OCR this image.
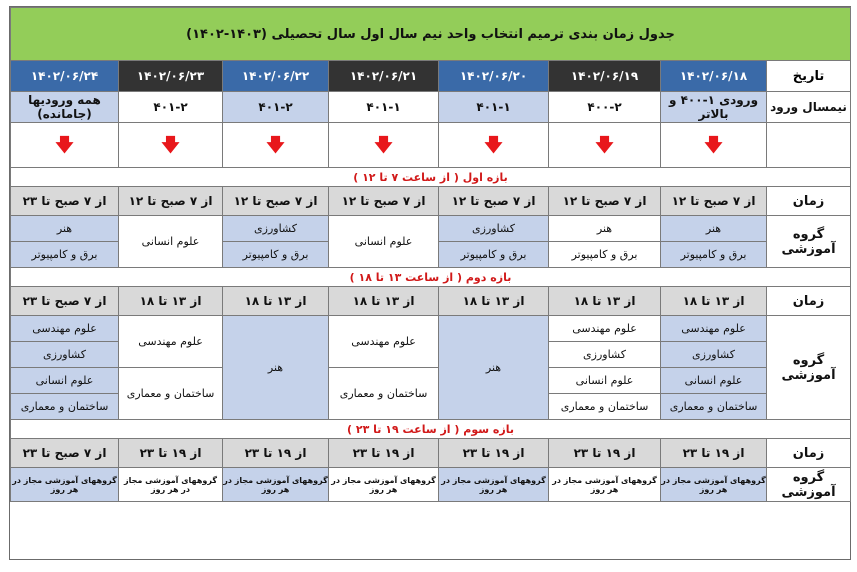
جدول زمان بندی ترمیم انتخاب واحد نیم سال اول سال تحصیلی (۱۴۰۳-۱۴۰۲)							
تاریخ	۱۴۰۲/۰۶/۱۸	۱۴۰۲/۰۶/۱۹	۱۴۰۲/۰۶/۲۰	۱۴۰۲/۰۶/۲۱	۱۴۰۲/۰۶/۲۲	۱۴۰۲/۰۶/۲۳	۱۴۰۲/۰۶/۲۴
نیمسال ورود	ورودی ۱-۴۰۰ و بالاتر	۴۰۰-۲	۴۰۱-۱	۴۰۱-۱	۴۰۱-۲	۴۰۱-۲	همه ورودیها (جامانده)
	🡇	🡇	🡇	🡇	🡇	🡇	🡇
بازه اول ( از ساعت ۷ تا ۱۲ )							
زمان	از ۷ صبح تا ۱۲	از ۷ صبح تا ۱۲	از ۷ صبح تا ۱۲	از ۷ صبح تا ۱۲	از ۷ صبح تا ۱۲	از ۷ صبح تا ۱۲	از ۷ صبح تا ۲۳
گروه آموزشی	هنر	هنر	کشاورزی	علوم انسانی	کشاورزی	علوم انسانی	هنر
	برق و کامپیوتر	برق و کامپیوتر	برق و کامپیوتر		برق و کامپیوتر		برق و کامپیوتر
بازه دوم ( از ساعت ۱۳ تا ۱۸ )							
زمان	از ۱۳ تا ۱۸	از ۱۳ تا ۱۸	از ۱۳ تا ۱۸	از ۱۳ تا ۱۸	از ۱۳ تا ۱۸	از ۱۳ تا ۱۸	از ۷ صبح تا ۲۳
گروه آموزشی	علوم مهندسی	علوم مهندسی	هنر	علوم مهندسی	هنر	علوم مهندسی	علوم مهندسی
	کشاورزی	کشاورزی					کشاورزی
	علوم انسانی	علوم انسانی		ساختمان و معماری		ساختمان و معماری	علوم انسانی
	ساختمان و معماری	ساختمان و معماری					ساختمان و معماری
بازه سوم ( از ساعت ۱۹ تا ۲۳ )							
زمان	از ۱۹ تا ۲۳	از ۱۹ تا ۲۳	از ۱۹ تا ۲۳	از ۱۹ تا ۲۳	از ۱۹ تا ۲۳	از ۱۹ تا ۲۳	از ۷ صبح تا ۲۳
گروه آموزشی	گروههای آموزشی مجاز در هر روز	گروههای آموزشی مجاز در هر روز	گروههای آموزشی مجاز در هر روز	گروههای آموزشی مجاز در هر روز	گروههای آموزشی مجاز در هر روز	گروههای آموزشی مجاز در هر روز	گروههای آموزشی مجاز در هر روز
